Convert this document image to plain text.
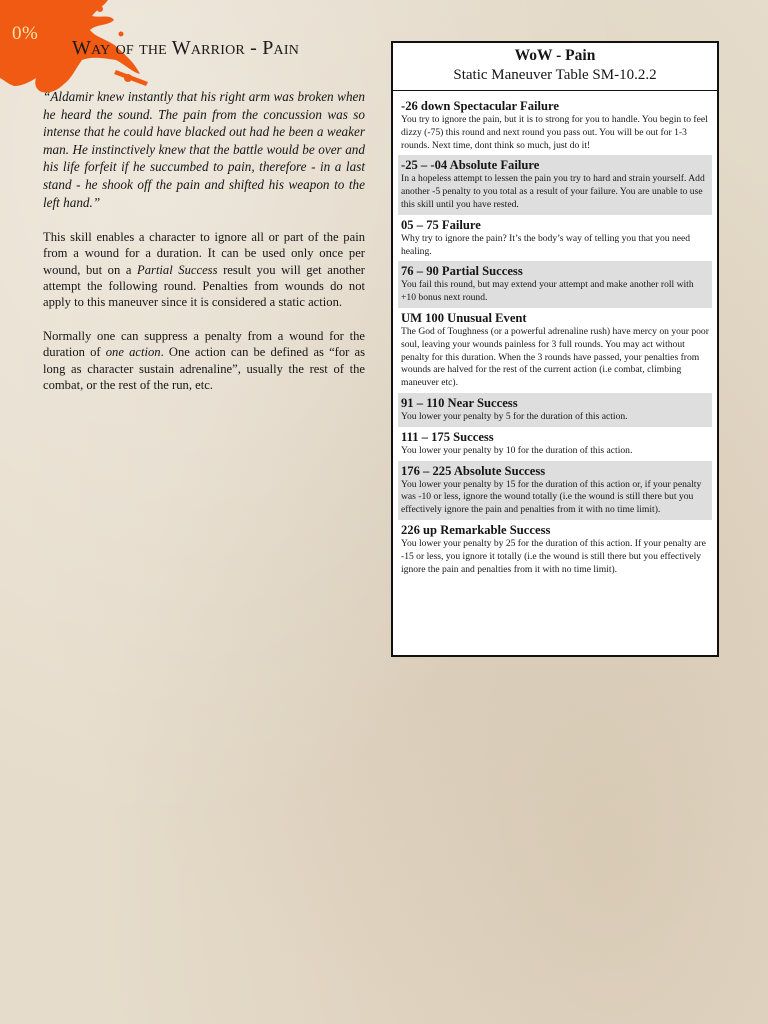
0%
Way of the Warrior - Pain

“Aldamir knew instantly that his right arm was broken when he heard the sound. The pain from the concussion was so intense that he could have blacked out had he been a weaker man. He instinctively knew that the battle would be over and his life forfeit if he succumbed to pain, therefore - in a last stand - he shook off the pain and shifted his weapon to the left hand.”

This skill enables a character to ignore all or part of the pain from a wound for a duration. It can be used only once per wound, but on a Partial Success result you will get another attempt the following round. Penalties from wounds do not apply to this maneuver since it is considered a static action.

Normally one can suppress a penalty from a wound for the duration of one action. One action can be defined as “for as long as character sustain adrenaline”, usually the rest of the combat, or the rest of the run, etc.

WoW - Pain
Static Maneuver Table SM-10.2.2
-26 down Spectacular Failure
You try to ignore the pain, but it is to strong for you to handle. You begin to feel dizzy (-75) this round and next round you pass out. You will be out for 1-3 rounds. Next time, dont think so much, just do it!
-25 – -04 Absolute Failure
In a hopeless attempt to lessen the pain you try to hard and strain yourself. Add another -5 penalty to you total as a result of your failure. You are unable to use this skill until you have rested.
05 – 75 Failure
Why try to ignore the pain? It’s the body’s way of telling you that you need healing.
76 – 90 Partial Success
You fail this round, but may extend your attempt and make another roll with +10 bonus next round.
UM 100 Unusual Event
The God of Toughness (or a powerful adrenaline rush) have mercy on your poor soul, leaving your wounds painless for 3 full rounds. You may act without penalty for this duration. When the 3 rounds have passed, your penalties from wounds are halved for the rest of the current action (i.e combat, climbing maneuver etc).
91 – 110 Near Success
You lower your penalty by 5 for the duration of this action.
111 – 175 Success
You lower your penalty by 10 for the duration of this action.
176 – 225 Absolute Success
You lower your penalty by 15 for the duration of this action or, if your penalty was -10 or less, ignore the wound totally (i.e the wound is still there but you effectively ignore the pain and penalties from it with no time limit).
226 up Remarkable Success
You lower your penalty by 25 for the duration of this action. If your penalty are -15 or less, you ignore it totally (i.e the wound is still there but you effectively ignore the pain and penalties from it with no time limit).
